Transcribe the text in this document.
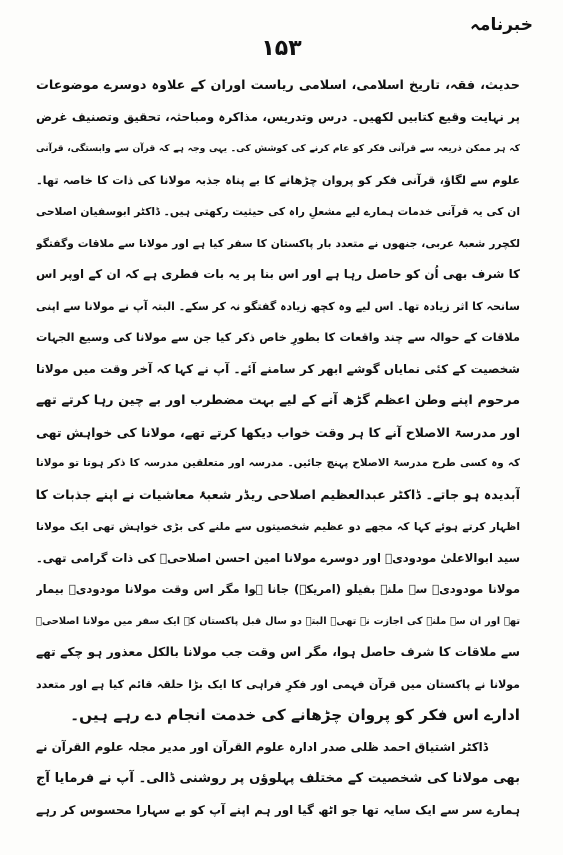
خبرنامہ
۱۵۳
حدیث، فقہ، تاریخ اسلامی، اسلامی ریاست اوران کے علاوہ دوسرے موضوعات
پر نہایت وقیع کتابیں لکھیں۔ درس وتدریس، مذاکرہ ومباحثہ، تحقیق وتصنیف غرض
کہ ہر ممکن ذریعہ سے قرآنی فکر کو عام کرنے کی کوشش کی۔ یہی وجہ ہے کہ قرآن سے وابستگی، قرآنی
علوم سے لگاؤ، قرآنی فکر کو پروان چڑھانے کا بے پناہ جذبہ مولانا کی ذات کا خاصہ تھا۔
ان کی یہ قرآنی خدمات ہمارے لیے مشعلِ راہ کی حیثیت رکھتی ہیں۔ ڈاکٹر ابوسفیان اصلاحی
لکچرر شعبۂ عربی، جنھوں نے متعدد بار پاکستان کا سفر کیا ہے اور مولانا سے ملاقات وگفتگو
کا شرف بھی اُن کو حاصل رہا ہے اور اس بنا پر یہ بات فطری ہے کہ ان کے اوپر اس
سانحہ کا اثر زیادہ تھا۔ اس لیے وہ کچھ زیادہ گفتگو نہ کر سکے۔ البتہ آپ نے مولانا سے اپنی
ملاقات کے حوالہ سے چند واقعات کا بطورِ خاص ذکر کیا جن سے مولانا کی وسیع الجہات
شخصیت کے کئی نمایاں گوشے ابھر کر سامنے آئے۔ آپ نے کہا کہ آخر وقت میں مولانا
مرحوم اپنے وطن اعظم گڑھ آنے کے لیے بہت مضطرب اور بے چین رہا کرتے تھے
اور مدرسۃ الاصلاح آنے کا ہر وقت خواب دیکھا کرتے تھے، مولانا کی خواہش تھی
کہ وہ کسی طرح مدرسۃ الاصلاح پہنچ جائیں۔ مدرسہ اور متعلقین مدرسہ کا ذکر ہوتا تو مولانا
آبدیدہ ہو جاتے۔ ڈاکٹر عبدالعظیم اصلاحی ریڈر شعبۂ معاشیات نے اپنے جذبات کا
اظہار کرتے ہوئے کہا کہ مجھے دو عظیم شخصیتوں سے ملنے کی بڑی خواہش تھی ایک مولانا
سید ابوالاعلیٰ مودودیؒ اور دوسرے مولانا امین احسن اصلاحیؒ کی ذات گرامی تھی۔
مولانا مودودیؒ سے ملنے بفیلو (امریکہ) جانا ہوا مگر اس وقت مولانا مودودیؒ بیمار
تھے اور ان سے ملنے کی اجازت نہ تھی۔ البتہ دو سال قبل پاکستان کے ایک سفر میں مولانا اصلاحیؒ
سے ملاقات کا شرف حاصل ہوا، مگر اس وقت جب مولانا بالکل معذور ہو چکے تھے
مولانا نے پاکستان میں قرآن فہمی اور فکرِ فراہی کا ایک بڑا حلقہ قائم کیا ہے اور متعدد
ادارے اس فکر کو پروان چڑھانے کی خدمت انجام دے رہے ہیں۔
ڈاکٹر اشتیاق احمد ظلی صدر ادارہ علوم القرآن اور مدیر مجلہ علوم القرآن نے
بھی مولانا کی شخصیت کے مختلف پہلوؤں پر روشنی ڈالی۔ آپ نے فرمایا آج
ہمارے سر سے ایک سایہ تھا جو اٹھ گیا اور ہم اپنے آپ کو بے سہارا محسوس کر رہے
